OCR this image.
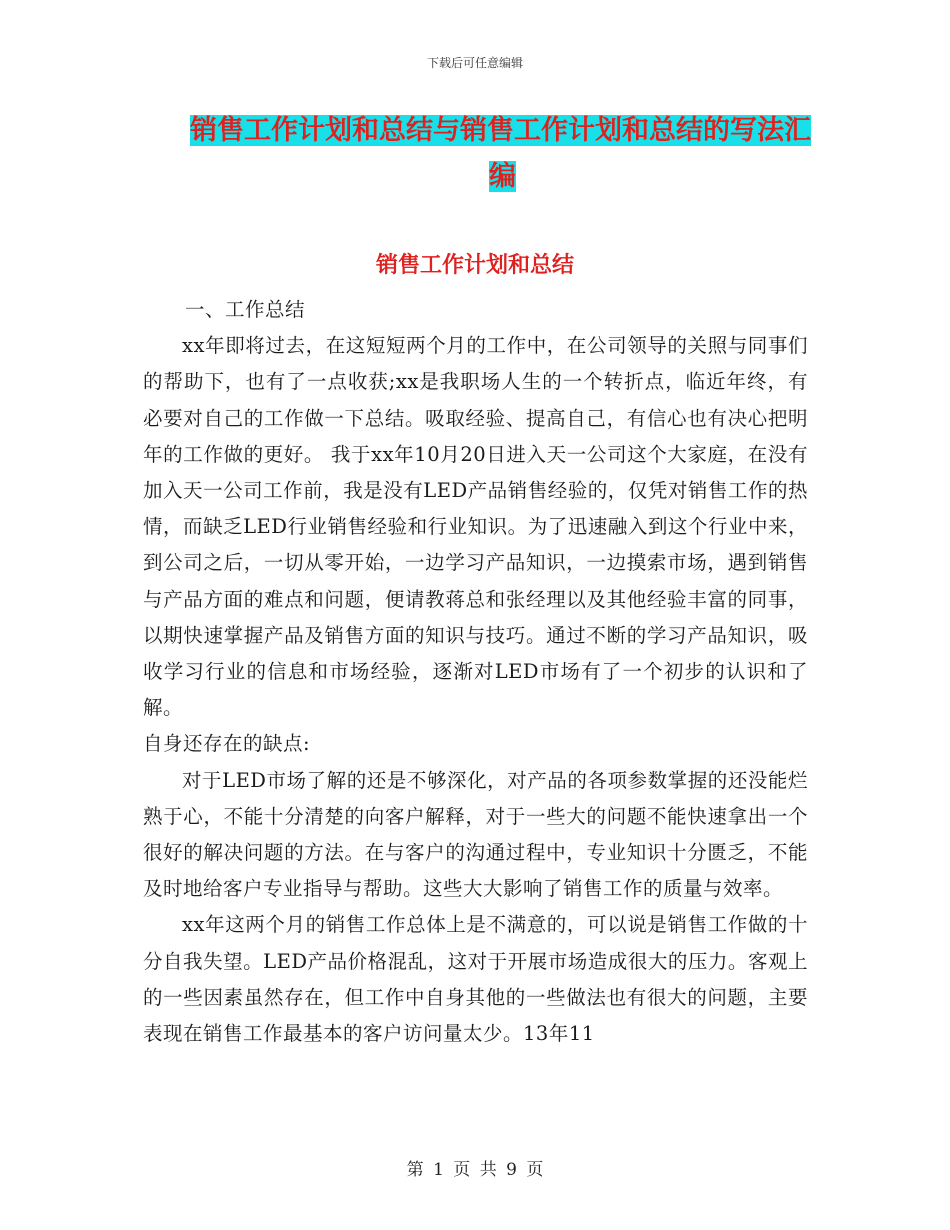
下载后可任意编辑
销售工作计划和总结与销售工作计划和总结的写法汇
编
销售工作计划和总结
一、工作总结

xx年即将过去，在这短短两个月的工作中，在公司领导的关照与同事们的帮助下，也有了一点收获;xx是我职场人生的一个转折点，临近年终，有必要对自己的工作做一下总结。吸取经验、提高自己，有信心也有决心把明年的工作做的更好。 我于xx年10月20日进入天一公司这个大家庭，在没有加入天一公司工作前，我是没有LED产品销售经验的，仅凭对销售工作的热情，而缺乏LED行业销售经验和行业知识。为了迅速融入到这个行业中来，到公司之后，一切从零开始，一边学习产品知识，一边摸索市场，遇到销售与产品方面的难点和问题，便请教蒋总和张经理以及其他经验丰富的同事，以期快速掌握产品及销售方面的知识与技巧。通过不断的学习产品知识，吸收学习行业的信息和市场经验，逐渐对LED市场有了一个初步的认识和了解。

自身还存在的缺点:

对于LED市场了解的还是不够深化，对产品的各项参数掌握的还没能烂熟于心，不能十分清楚的向客户解释，对于一些大的问题不能快速拿出一个很好的解决问题的方法。在与客户的沟通过程中，专业知识十分匮乏，不能及时地给客户专业指导与帮助。这些大大影响了销售工作的质量与效率。

xx年这两个月的销售工作总体上是不满意的，可以说是销售工作做的十分自我失望。LED产品价格混乱，这对于开展市场造成很大的压力。客观上的一些因素虽然存在，但工作中自身其他的一些做法也有很大的问题，主要表现在销售工作最基本的客户访问量太少。13年11

第 1 页 共 9 页
